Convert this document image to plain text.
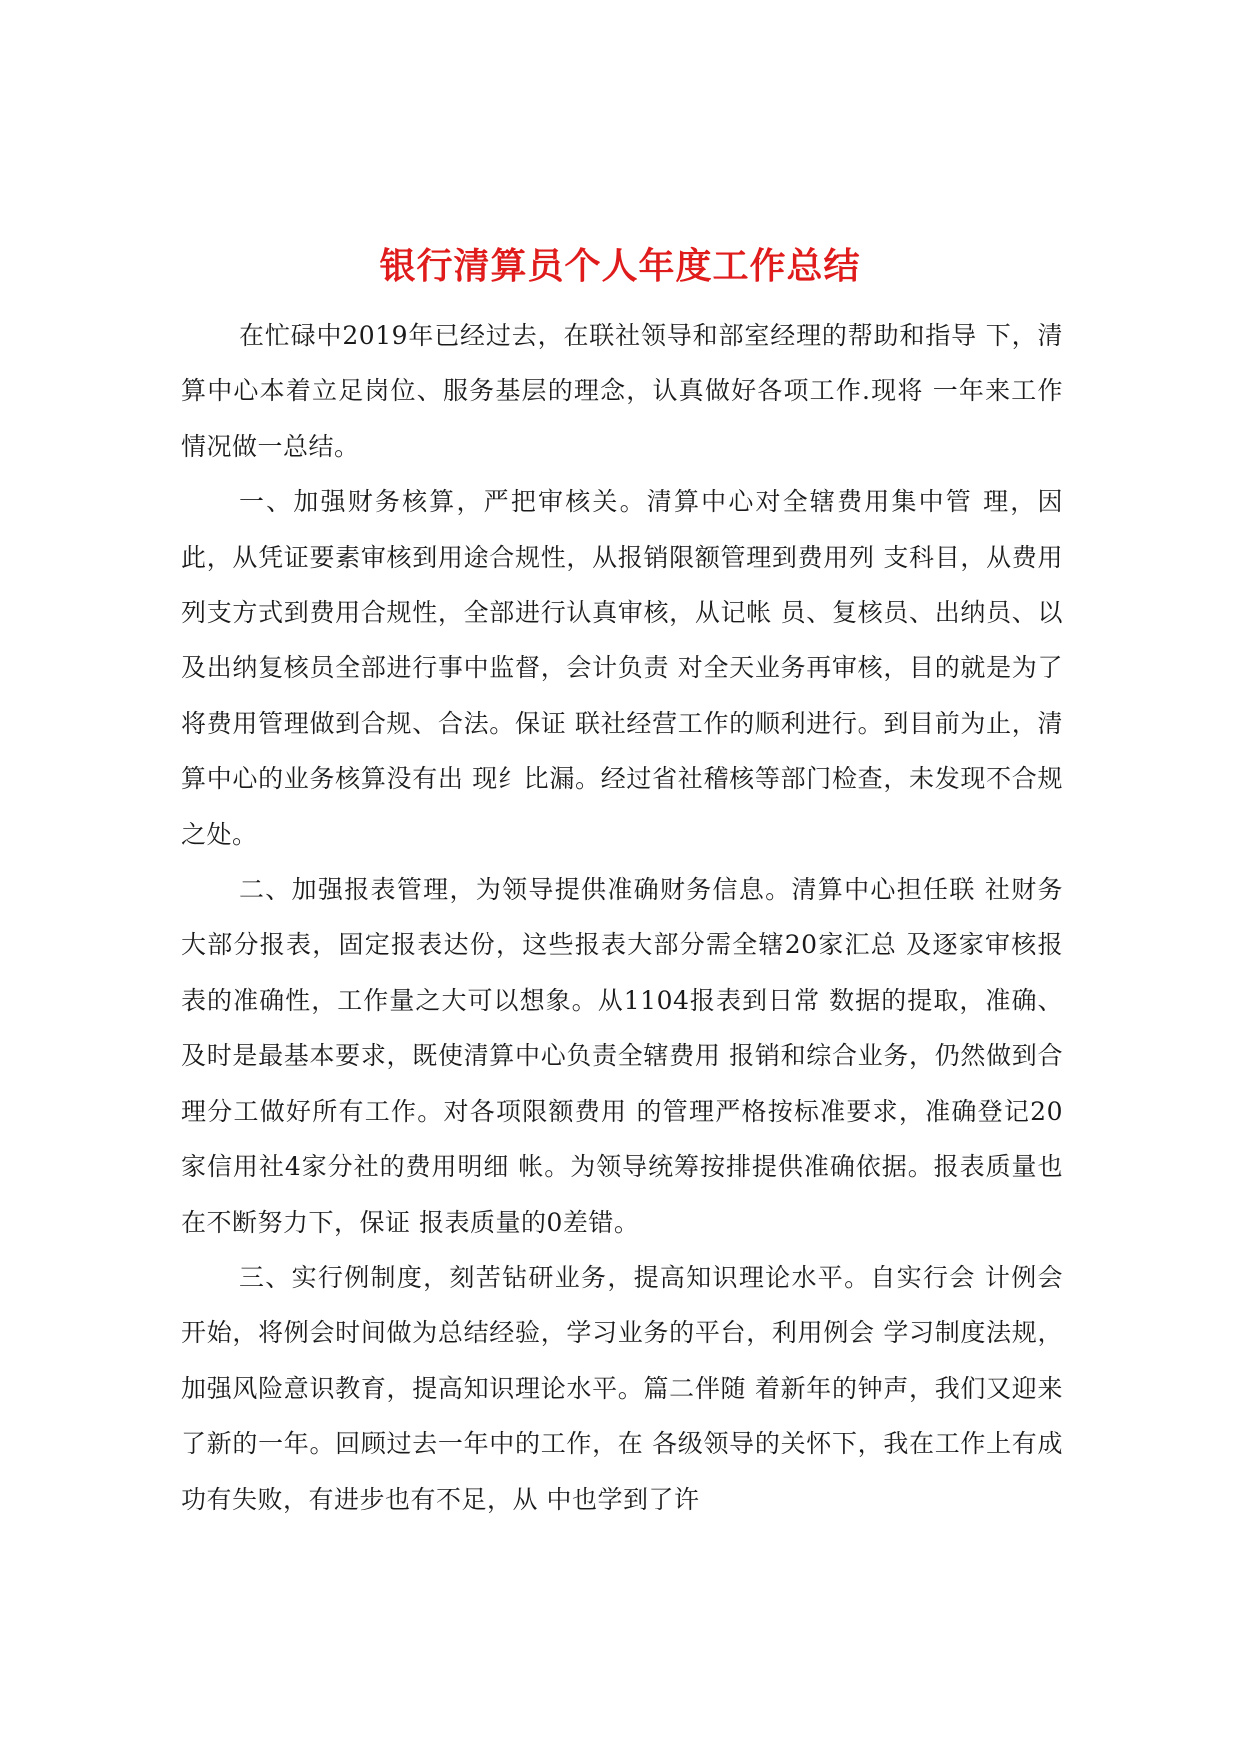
银行清算员个人年度工作总结

在忙碌中2019年已经过去，在联社领导和部室经理的帮助和指导 下，清算中心本着立足岗位、服务基层的理念，认真做好各项工作.现将 一年来工作情况做一总结。

一、加强财务核算，严把审核关。清算中心对全辖费用集中管 理，因此，从凭证要素审核到用途合规性，从报销限额管理到费用列 支科目，从费用列支方式到费用合规性，全部进行认真审核，从记帐 员、复核员、出纳员、以及出纳复核员全部进行事中监督，会计负责 对全天业务再审核，目的就是为了将费用管理做到合规、合法。保证 联社经营工作的顺利进行。到目前为止，清算中心的业务核算没有出 现纟比漏。经过省社稽核等部门检查，未发现不合规之处。

二、加强报表管理，为领导提供准确财务信息。清算中心担任联 社财务大部分报表，固定报表达份，这些报表大部分需全辖20家汇总 及逐家审核报表的准确性，工作量之大可以想象。从1104报表到日常 数据的提取，准确、及时是最基本要求，既使清算中心负责全辖费用 报销和综合业务，仍然做到合理分工做好所有工作。对各项限额费用 的管理严格按标准要求，准确登记20家信用社4家分社的费用明细 帐。为领导统筹按排提供准确依据。报表质量也在不断努力下，保证 报表质量的0差错。

三、实行例制度，刻苦钻研业务，提高知识理论水平。自实行会 计例会开始，将例会时间做为总结经验，学习业务的平台，利用例会 学习制度法规，加强风险意识教育，提高知识理论水平。篇二伴随 着新年的钟声，我们又迎来了新的一年。回顾过去一年中的工作，在 各级领导的关怀下，我在工作上有成功有失败，有进步也有不足，从 中也学到了许
